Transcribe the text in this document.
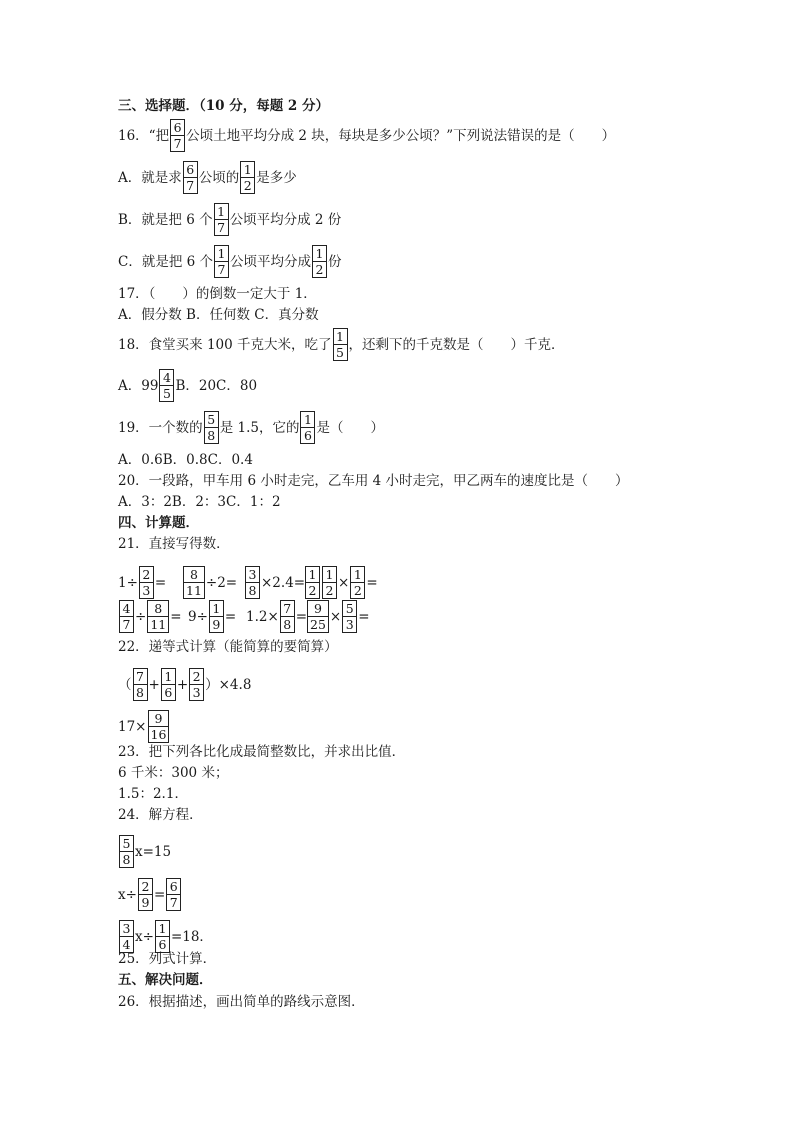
三、选择题．（10 分，每题 2 分）
16．“把 $\frac{6}{7}$ 公顷土地平均分成 2 块，每块是多少公顷？”下列说法错误的是（　　）
A．就是求 $\frac{6}{7}$ 公顷的 $\frac{1}{2}$ 是多少
B．就是把 6 个 $\frac{1}{7}$ 公顷平均分成 2 份
C．就是把 6 个 $\frac{1}{7}$ 公顷平均分成 $\frac{1}{2}$ 份
17．（　　）的倒数一定大于 1．
A．假分数 B．任何数 C．真分数
18．食堂买来 100 千克大米，吃了 $\frac{1}{5}$ ，还剩下的千克数是（　　）千克．
A．$99 \frac{4}{5}$ B．20C．80
19．一个数的 $\frac{5}{8}$ 是 1.5，它的 $\frac{1}{6}$ 是（　　）
A．0.6B．0.8C．0.4
20．一段路，甲车用 6 小时走完，乙车用 4 小时走完，甲乙两车的速度比是（　　）
A．3：2B．2：3C．1：2
四、计算题．
21．直接写得数．
$1\div \frac{2}{3} = \frac{8}{11} \div 2= \frac{3}{8} \times 2.4= \frac{1}{2} \frac{1}{2} \times \frac{1}{2}$ =
$\frac{4}{7} \div \frac{8}{11} = 9\div \frac{1}{9} = 1.2\times \frac{7}{8} = \frac{9}{25} \times \frac{5}{3}$ =
22．递等式计算（能简算的要简算）
（ $\frac{7}{8} + \frac{1}{6} + \frac{2}{3} )\times 4.8$
$17\times \frac{9}{16}$
23．把下列各比化成最简整数比，并求出比值．
6 千米：300 米；
1.5：2.1．
24．解方程．
$\frac{5}{8} x=15$
$x\div \frac{2}{9} = \frac{6}{7}$
$\frac{3}{4} x\div \frac{1}{6} =18$．
25．列式计算．
五、解决问题．
26．根据描述，画出简单的路线示意图．
